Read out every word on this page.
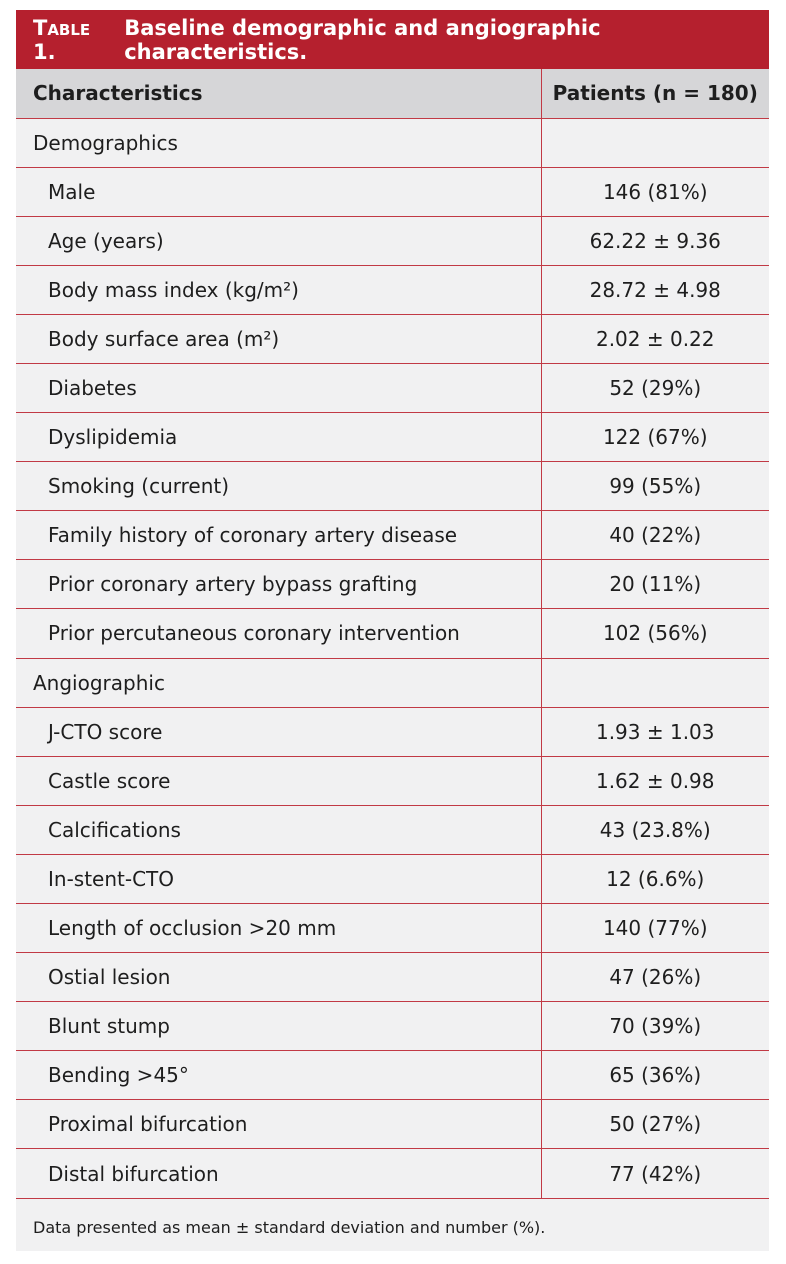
Table 1.
Baseline demographic and angiographic characteristics.
Characteristics	Patients (n = 180)
Demographics	
Male	146 (81%)
Age (years)	62.22 ± 9.36
Body mass index (kg/m²)	28.72 ± 4.98
Body surface area (m²)	2.02 ± 0.22
Diabetes	52 (29%)
Dyslipidemia	122 (67%)
Smoking (current)	99 (55%)
Family history of coronary artery disease	40 (22%)
Prior coronary artery bypass grafting	20 (11%)
Prior percutaneous coronary intervention	102 (56%)
Angiographic	
J-CTO score	1.93 ± 1.03
Castle score	1.62 ± 0.98
Calcifications	43 (23.8%)
In-stent-CTO	12 (6.6%)
Length of occlusion >20 mm	140 (77%)
Ostial lesion	47 (26%)
Blunt stump	70 (39%)
Bending >45°	65 (36%)
Proximal bifurcation	50 (27%)
Distal bifurcation	77 (42%)
Data presented as mean ± standard deviation and number (%).
